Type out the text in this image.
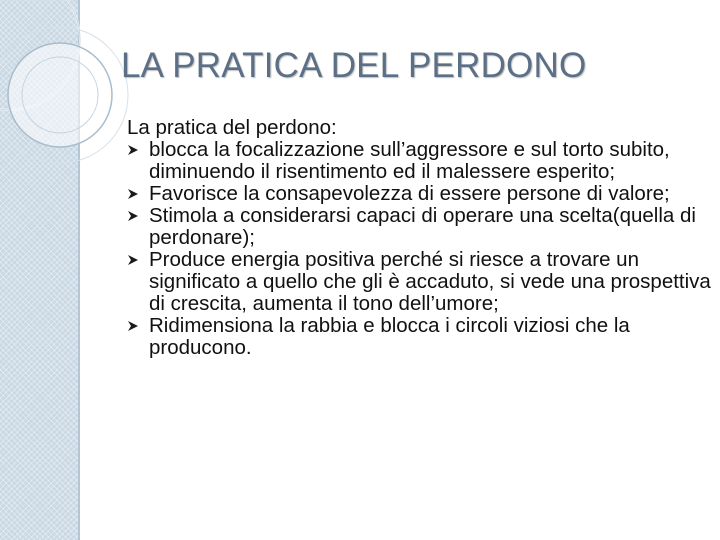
LA PRATICA DEL PERDONO

La pratica del perdono:

blocca la focalizzazione sull’aggressore e sul torto subito, diminuendo il risentimento ed il malessere esperito;
Favorisce la consapevolezza di essere persone di valore;
Stimola a considerarsi capaci di operare una scelta(quella di perdonare);
Produce energia positiva perché si riesce a trovare un significato a quello che gli è accaduto, si vede una prospettiva di crescita, aumenta il tono dell’umore;
Ridimensiona la rabbia e blocca i circoli viziosi che la producono.
